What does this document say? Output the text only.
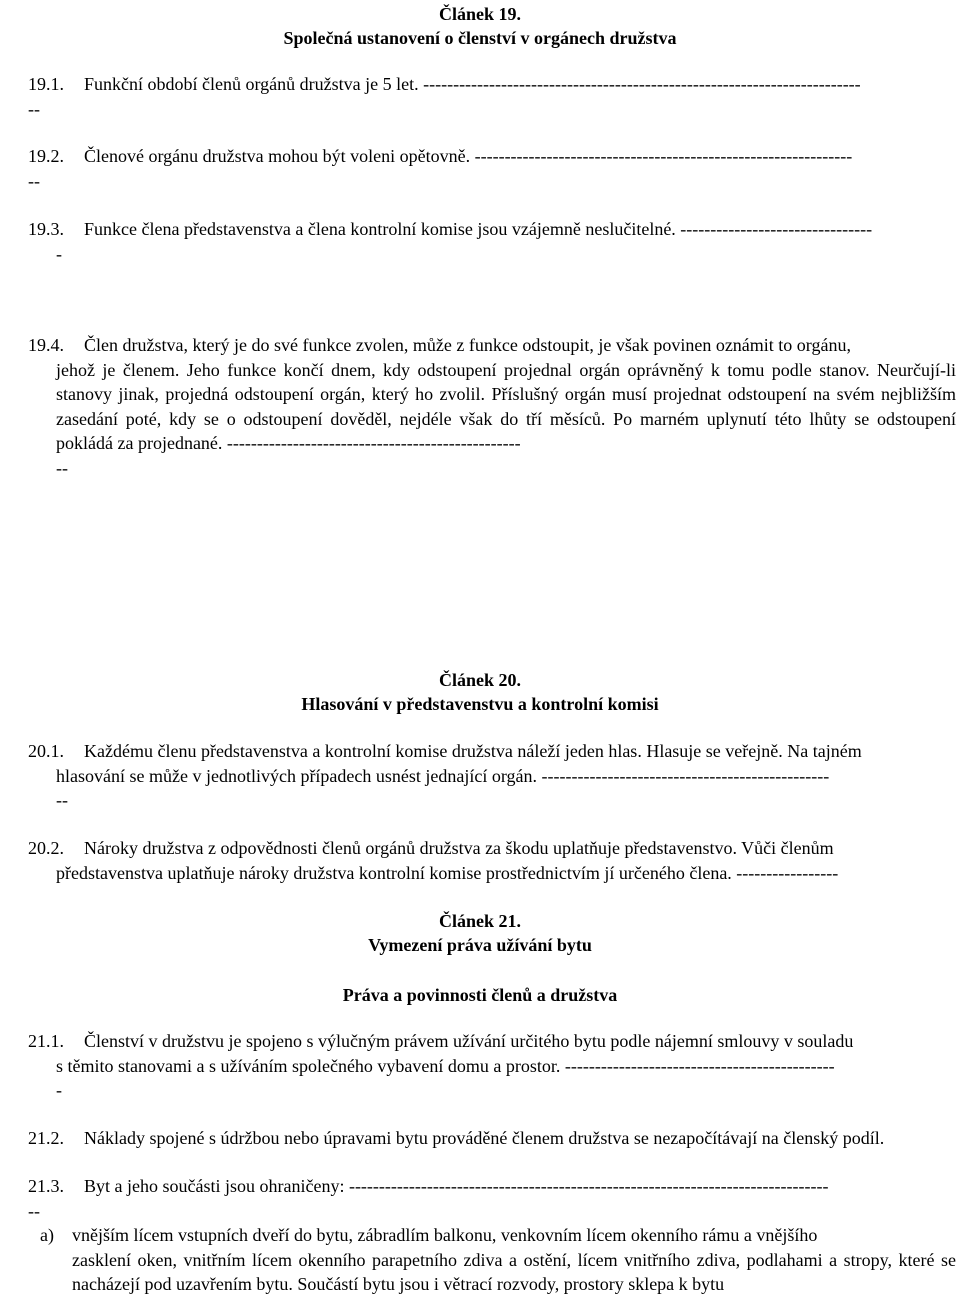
Článek 19.
Společná ustanovení o členství v orgánech družstva
19.1. Funkční období členů orgánů družstva je 5 let. -------------------------------------------------------------------------
--
19.2. Členové orgánu družstva mohou být voleni opětovně. ---------------------------------------------------------------
--
19.3. Funkce člena představenstva a člena kontrolní komise jsou vzájemně neslučitelné. --------------------------------
-
19.4. Člen družstva, který je do své funkce zvolen, může z funkce odstoupit, je však povinen oznámit to orgánu,
jehož je členem. Jeho funkce končí dnem, kdy odstoupení projednal orgán oprávněný k tomu podle stanov. Neurčují-li stanovy jinak, projedná odstoupení orgán, který ho zvolil. Příslušný orgán musí projednat odstoupení na svém nejbližším zasedání poté, kdy se o odstoupení dověděl, nejdéle však do tří měsíců. Po marném uplynutí této lhůty se odstoupení pokládá za projednané. -------------------------------------------------
--
Článek 20.
Hlasování v představenstvu a kontrolní komisi
20.1. Každému členu představenstva a kontrolní komise družstva náleží jeden hlas. Hlasuje se veřejně. Na tajném
hlasování se může v jednotlivých případech usnést jednající orgán. ------------------------------------------------
--
20.2. Nároky družstva z odpovědnosti členů orgánů družstva za škodu uplatňuje představenstvo. Vůči členům
představenstva uplatňuje nároky družstva kontrolní komise prostřednictvím jí určeného člena. -----------------
Článek 21.
Vymezení práva užívání bytu
Práva a povinnosti členů a družstva
21.1. Členství v družstvu je spojeno s výlučným právem užívání určitého bytu podle nájemní smlouvy v souladu
s těmito stanovami a s užíváním společného vybavení domu a prostor. ---------------------------------------------
-
21.2. Náklady spojené s údržbou nebo úpravami bytu prováděné členem družstva se nezapočítávají na členský podíl.
21.3. Byt a jeho součásti jsou ohraničeny: --------------------------------------------------------------------------------
--
a) vnějším lícem vstupních dveří do bytu, zábradlím balkonu, venkovním lícem okenního rámu a vnějšího
zasklení oken, vnitřním lícem okenního parapetního zdiva a ostění, lícem vnitřního zdiva, podlahami a stropy, které se nacházejí pod uzavřením bytu. Součástí bytu jsou i větrací rozvody, prostory sklepa k bytu
